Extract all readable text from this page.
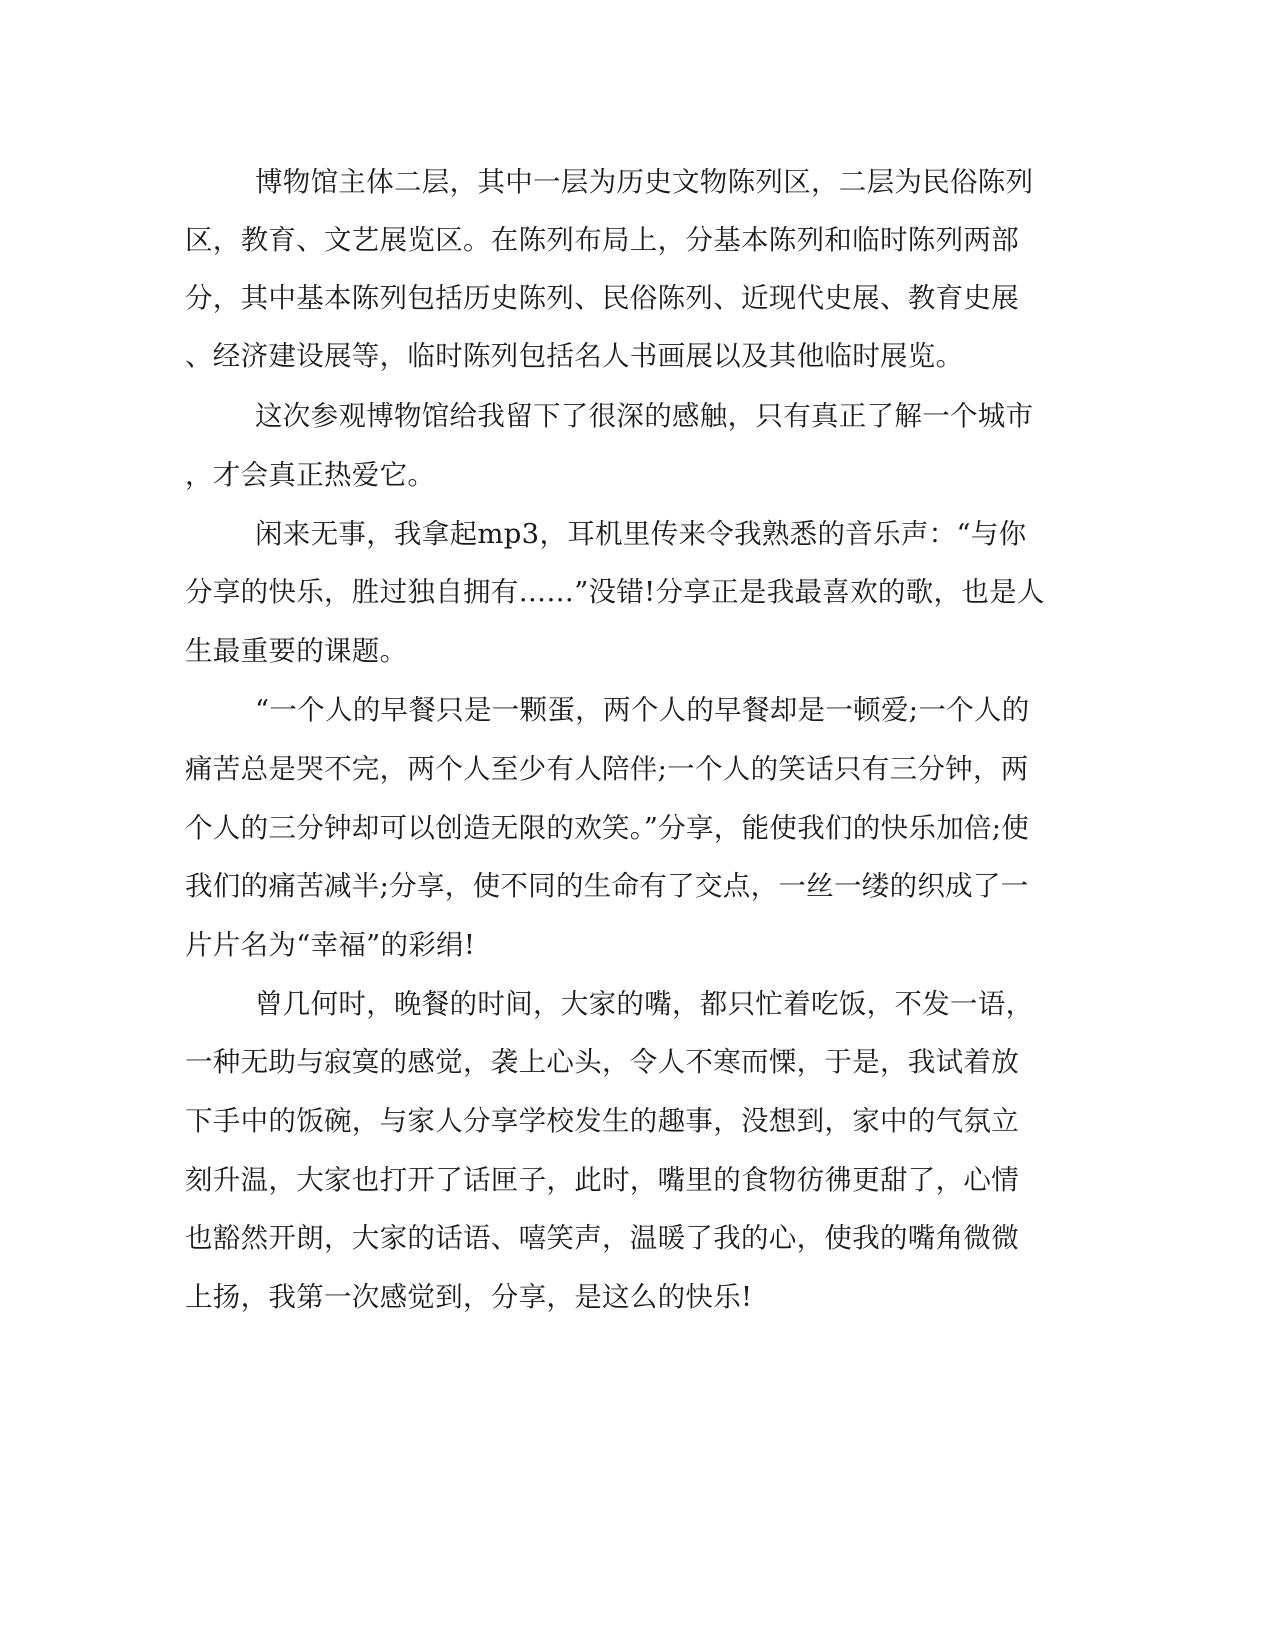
博物馆主体二层，其中一层为历史文物陈列区，二层为民俗陈列

区，教育、文艺展览区。在陈列布局上，分基本陈列和临时陈列两部

分，其中基本陈列包括历史陈列、民俗陈列、近现代史展、教育史展

、经济建设展等，临时陈列包括名人书画展以及其他临时展览。

这次参观博物馆给我留下了很深的感触，只有真正了解一个城市

，才会真正热爱它。

闲来无事，我拿起mp3，耳机里传来令我熟悉的音乐声：“与你

分享的快乐，胜过独自拥有……”没错!分享正是我最喜欢的歌，也是人

生最重要的课题。

“一个人的早餐只是一颗蛋，两个人的早餐却是一顿爱;一个人的

痛苦总是哭不完，两个人至少有人陪伴;一个人的笑话只有三分钟，两

个人的三分钟却可以创造无限的欢笑。”分享，能使我们的快乐加倍;使

我们的痛苦减半;分享，使不同的生命有了交点，一丝一缕的织成了一

片片名为“幸福”的彩绢!

曾几何时，晚餐的时间，大家的嘴，都只忙着吃饭，不发一语，

一种无助与寂寞的感觉，袭上心头，令人不寒而慄，于是，我试着放

下手中的饭碗，与家人分享学校发生的趣事，没想到，家中的气氛立

刻升温，大家也打开了话匣子，此时，嘴里的食物彷彿更甜了，心情

也豁然开朗，大家的话语、嘻笑声，温暖了我的心，使我的嘴角微微

上扬，我第一次感觉到，分享，是这么的快乐!
